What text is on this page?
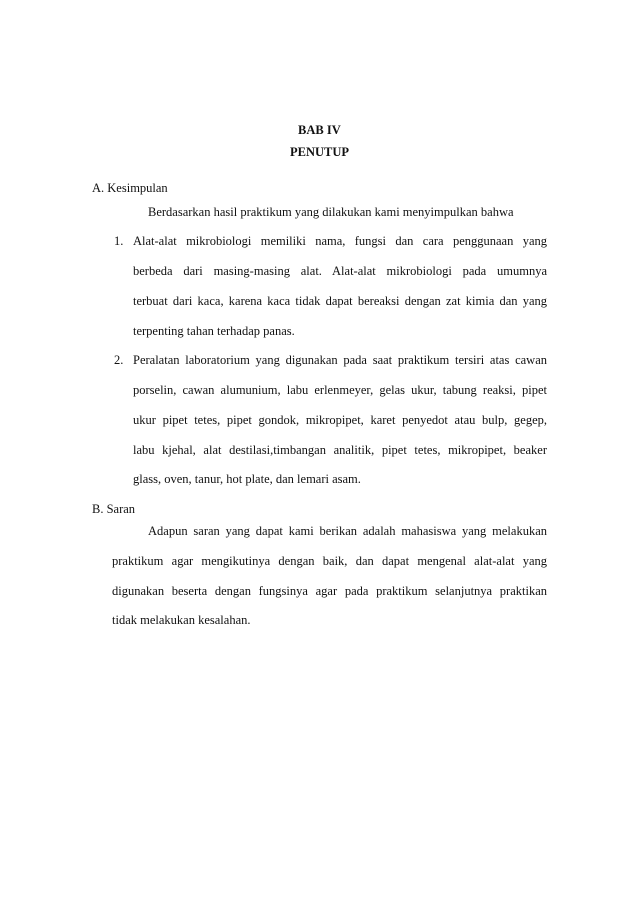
BAB IV
PENUTUP
A. Kesimpulan
Berdasarkan hasil praktikum yang dilakukan kami menyimpulkan bahwa
1. Alat-alat mikrobiologi memiliki nama, fungsi dan cara penggunaan yang
berbeda dari masing-masing alat. Alat-alat mikrobiologi pada umumnya
terbuat dari kaca, karena kaca tidak dapat bereaksi dengan zat kimia dan yang
terpenting tahan terhadap panas.
2. Peralatan laboratorium yang digunakan pada saat praktikum tersiri atas cawan
porselin, cawan alumunium, labu erlenmeyer, gelas ukur, tabung reaksi, pipet
ukur pipet tetes, pipet gondok, mikropipet, karet penyedot atau bulp, gegep,
labu kjehal, alat destilasi,timbangan analitik, pipet tetes, mikropipet, beaker
glass, oven, tanur, hot plate, dan lemari asam.
B. Saran
Adapun saran yang dapat kami berikan adalah mahasiswa yang melakukan
praktikum agar mengikutinya dengan baik, dan dapat mengenal alat-alat yang
digunakan beserta dengan fungsinya agar pada praktikum selanjutnya praktikan
tidak melakukan kesalahan.
